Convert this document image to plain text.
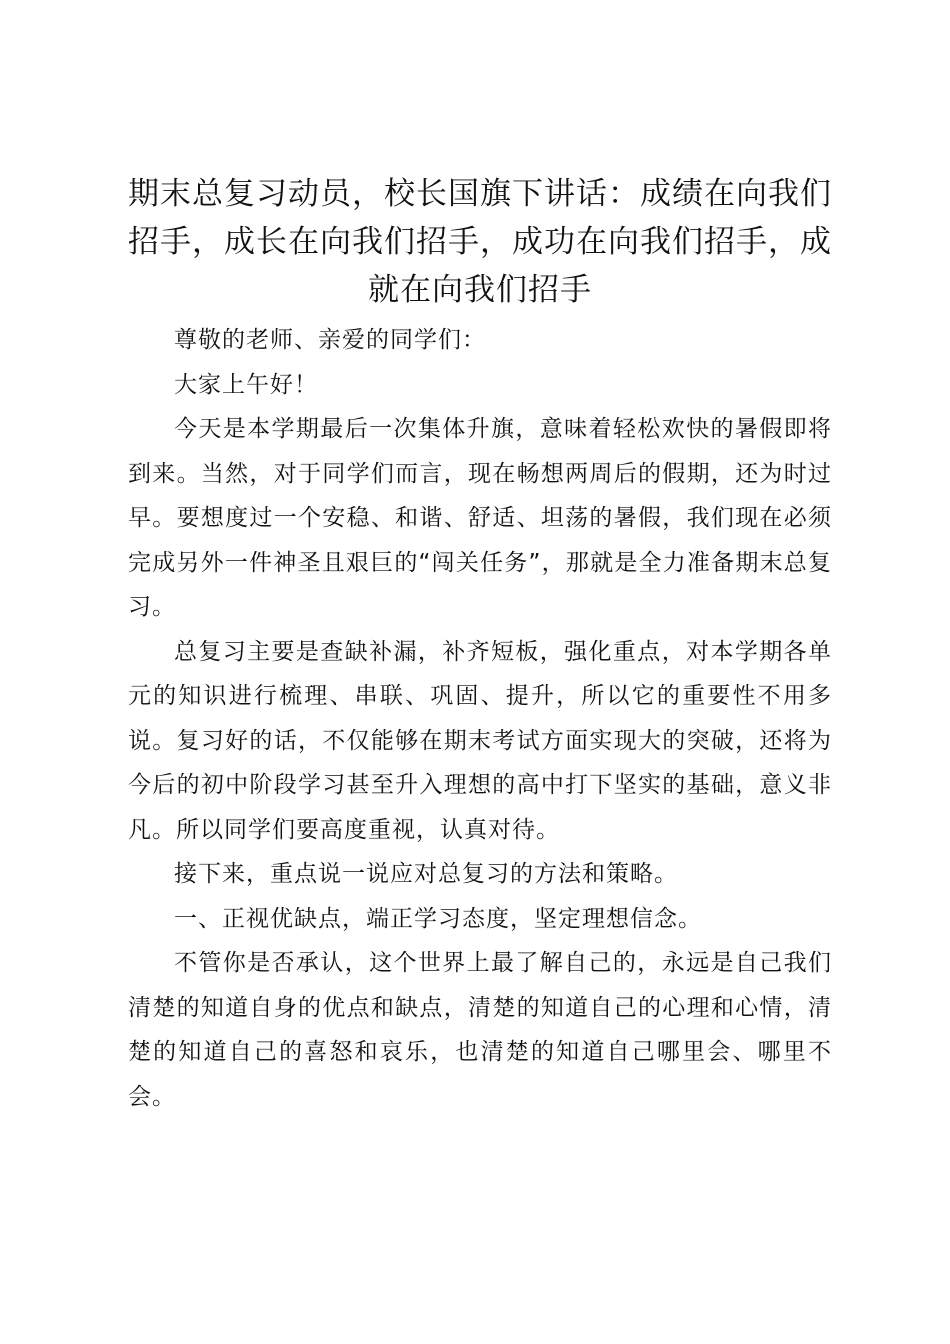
期末总复习动员，校长国旗下讲话：成绩在向我们招手，成长在向我们招手，成功在向我们招手，成就在向我们招手

尊敬的老师、亲爱的同学们：

大家上午好！

今天是本学期最后一次集体升旗，意味着轻松欢快的暑假即将到来。当然，对于同学们而言，现在畅想两周后的假期，还为时过早。要想度过一个安稳、和谐、舒适、坦荡的暑假，我们现在必须完成另外一件神圣且艰巨的“闯关任务”，那就是全力准备期末总复习。

总复习主要是查缺补漏，补齐短板，强化重点，对本学期各单元的知识进行梳理、串联、巩固、提升，所以它的重要性不用多说。复习好的话，不仅能够在期末考试方面实现大的突破，还将为今后的初中阶段学习甚至升入理想的高中打下坚实的基础，意义非凡。所以同学们要高度重视，认真对待。

接下来，重点说一说应对总复习的方法和策略。

一、正视优缺点，端正学习态度，坚定理想信念。

不管你是否承认，这个世界上最了解自己的，永远是自己我们清楚的知道自身的优点和缺点，清楚的知道自己的心理和心情，清楚的知道自己的喜怒和哀乐，也清楚的知道自己哪里会、哪里不会。
